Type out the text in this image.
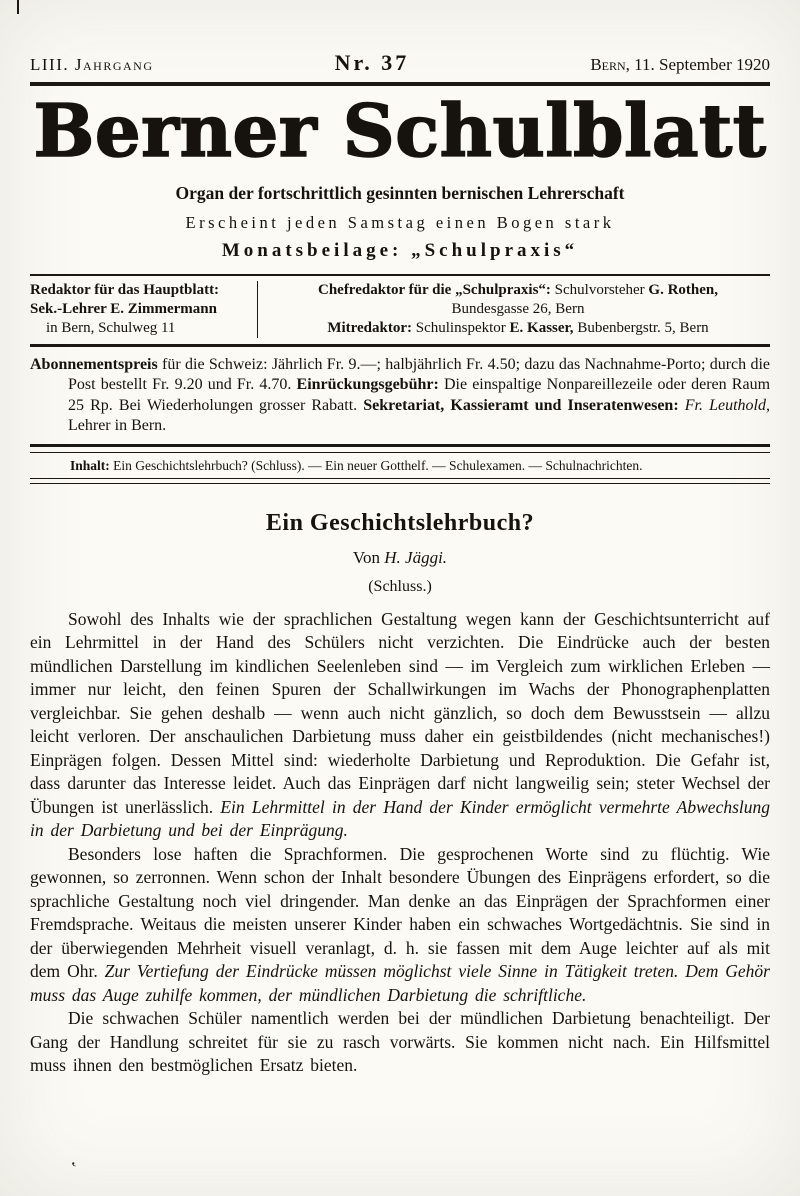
LIII. Jahrgang	Nr. 37	Bern, 11. September 1920
Berner Schulblatt
Organ der fortschrittlich gesinnten bernischen Lehrerschaft
Erscheint jeden Samstag einen Bogen stark
Monatsbeilage: „Schulpraxis“
Redaktor für das Hauptblatt:
Sek.-Lehrer E. Zimmermann
in Bern, Schulweg 11
Chefredaktor für die „Schulpraxis“: Schulvorsteher G. Rothen,
Bundesgasse 26, Bern
Mitredaktor: Schulinspektor E. Kasser, Bubenbergstr. 5, Bern

Abonnementspreis für die Schweiz: Jährlich Fr. 9.—; halbjährlich Fr. 4.50; dazu das Nachnahme-Porto; durch die Post bestellt Fr. 9.20 und Fr. 4.70. Einrückungsgebühr: Die einspaltige Nonpareillezeile oder deren Raum 25 Rp. Bei Wiederholungen grosser Rabatt. Sekretariat, Kassieramt und Inseratenwesen: Fr. Leuthold, Lehrer in Bern.

Inhalt: Ein Geschichtslehrbuch? (Schluss). — Ein neuer Gotthelf. — Schulexamen. — Schulnachrichten.

Ein Geschichtslehrbuch?
Von H. Jäggi.
(Schluss.)

Sowohl des Inhalts wie der sprachlichen Gestaltung wegen kann der Geschichtsunterricht auf ein Lehrmittel in der Hand des Schülers nicht verzichten. Die Eindrücke auch der besten mündlichen Darstellung im kindlichen Seelenleben sind — im Vergleich zum wirklichen Erleben — immer nur leicht, den feinen Spuren der Schallwirkungen im Wachs der Phonographenplatten vergleichbar. Sie gehen deshalb — wenn auch nicht gänzlich, so doch dem Bewusstsein — allzu leicht verloren. Der anschaulichen Darbietung muss daher ein geistbildendes (nicht mechanisches!) Einprägen folgen. Dessen Mittel sind: wiederholte Darbietung und Reproduktion. Die Gefahr ist, dass darunter das Interesse leidet. Auch das Einprägen darf nicht langweilig sein; steter Wechsel der Übungen ist unerlässlich. Ein Lehrmittel in der Hand der Kinder ermöglicht vermehrte Abwechslung in der Darbietung und bei der Einprägung.

Besonders lose haften die Sprachformen. Die gesprochenen Worte sind zu flüchtig. Wie gewonnen, so zerronnen. Wenn schon der Inhalt besondere Übungen des Einprägens erfordert, so die sprachliche Gestaltung noch viel dringender. Man denke an das Einprägen der Sprachformen einer Fremdsprache. Weitaus die meisten unserer Kinder haben ein schwaches Wortgedächtnis. Sie sind in der überwiegenden Mehrheit visuell veranlagt, d. h. sie fassen mit dem Auge leichter auf als mit dem Ohr. Zur Vertiefung der Eindrücke müssen möglichst viele Sinne in Tätigkeit treten. Dem Gehör muss das Auge zuhilfe kommen, der mündlichen Darbietung die schriftliche.

Die schwachen Schüler namentlich werden bei der mündlichen Darbietung benachteiligt. Der Gang der Handlung schreitet für sie zu rasch vorwärts. Sie kommen nicht nach. Ein Hilfsmittel muss ihnen den bestmöglichen Ersatz bieten.

‛
